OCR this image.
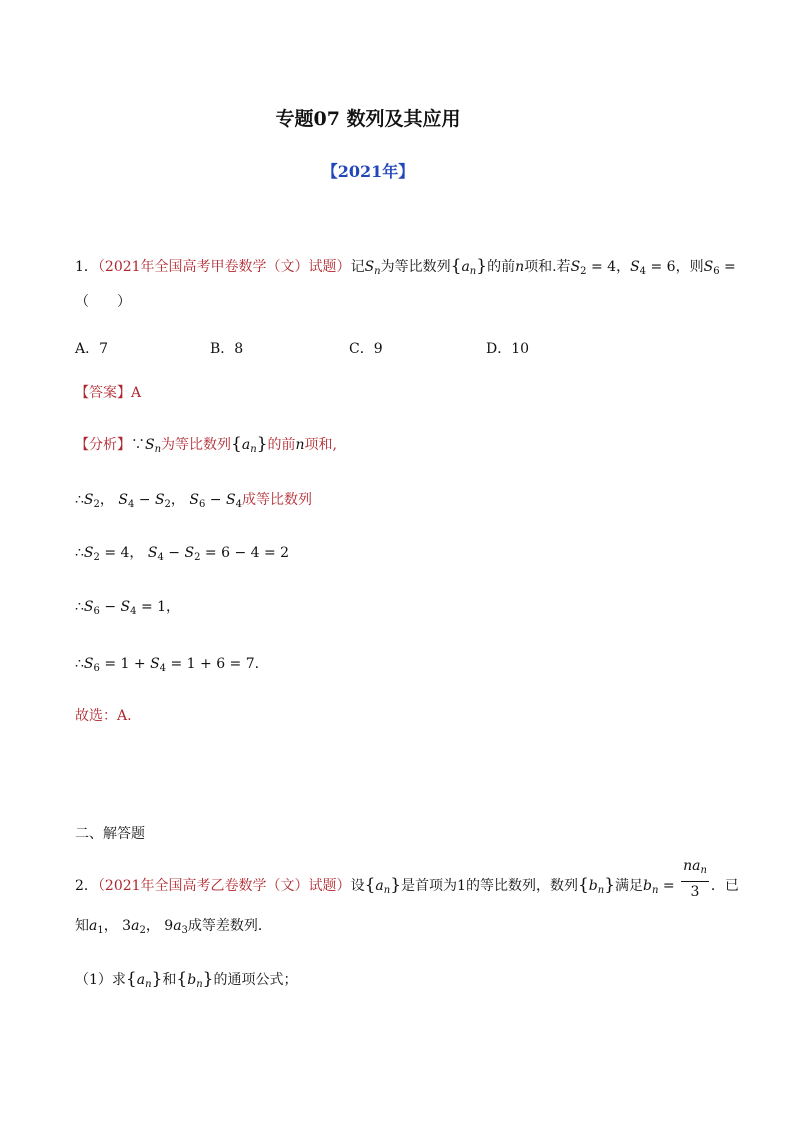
专题07 数列及其应用
【2021年】
1．（2021年全国高考甲卷数学（文）试题）记$S_n$为等比数列$\{a_n\}$的前n项和.若$S_2 = 4$，$S_4 = 6$，则$S_6$ =
（　　）
A．7	B．8	C．9	D．10
【答案】A
【分析】$\because S_n$为等比数列$\{a_n\}$的前n项和,
$\therefore S_2$， $S_4 - S_2$， $S_6 - S_4$成等比数列
$\therefore S_2 = 4$， $S_4 - S_2 = 6 - 4 = 2$
$\therefore S_6 - S_4 = 1$，
$\therefore S_6 = 1 + S_4 = 1 + 6 = 7$.
故选：A.
二、解答题
2．（2021年全国高考乙卷数学（文）试题）设$\{a_n\}$是首项为1的等比数列，数列$\{b_n\}$满足$b_n = \frac{na_n}{3}$ ．已
知$a_1$， $3a_2$， $9a_3$成等差数列．
（1）求$\{a_n\}$和$\{b_n\}$的通项公式；
